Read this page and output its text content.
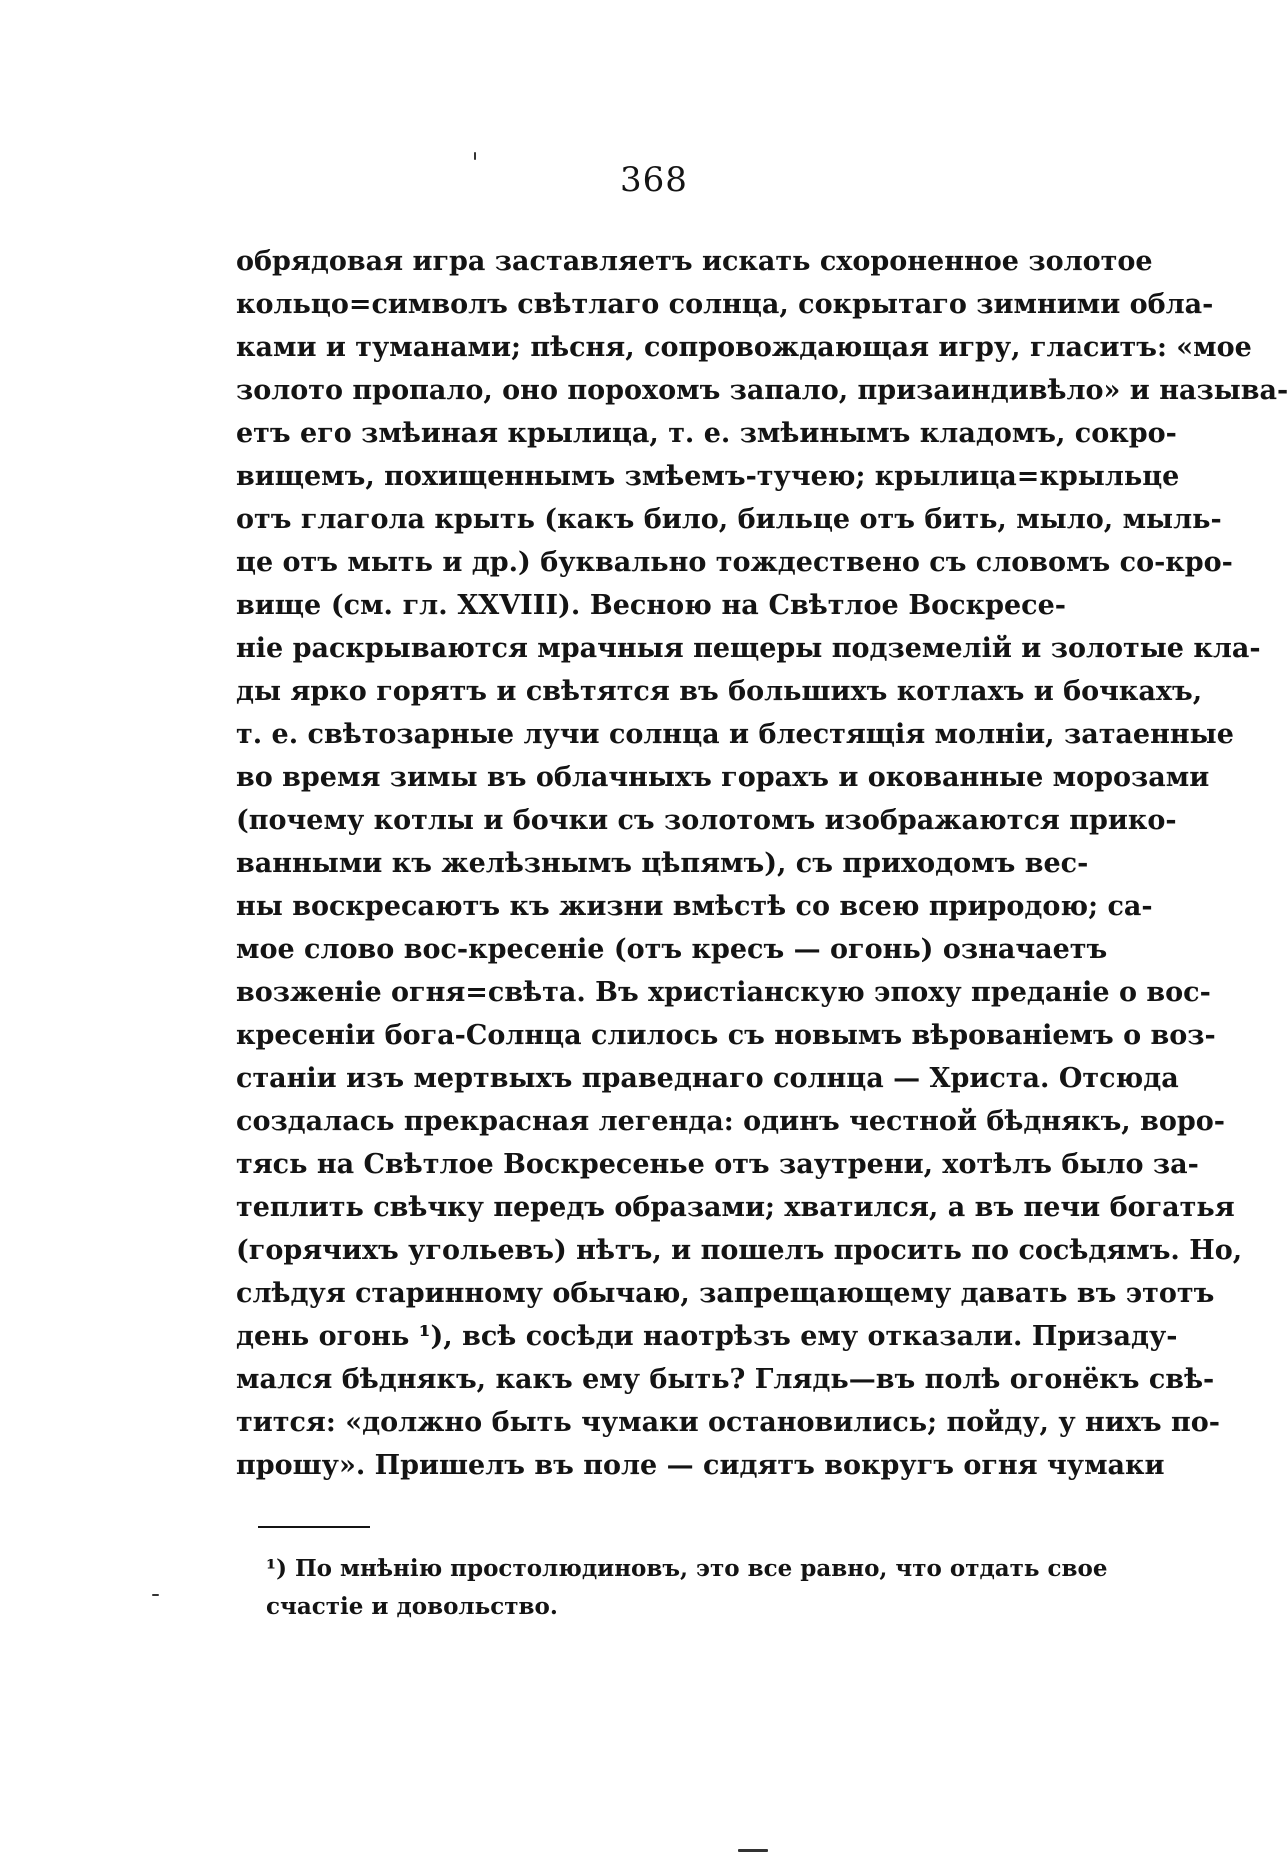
368
обрядовая игра заставляетъ искать схороненное золотое
кольцо=символъ свѣтлаго солнца, сокрытаго зимними обла-
ками и туманами; пѣсня, сопровождающая игру, гласитъ: «мое
золото пропало, оно порохомъ запало, призаиндивѣло» и называ-
етъ его змѣиная крылица, т. е. змѣинымъ кладомъ, сокро-
вищемъ, похищеннымъ змѣемъ-тучею; крылица=крыльце
отъ глагола крыть (какъ било, бильце отъ бить, мыло, мыль-
це отъ мыть и др.) буквально тождествено съ словомъ со-кро-
вище (см. гл. XXVIII). Весною на Свѣтлое Воскресе-
ніе раскрываются мрачныя пещеры подземелій и золотые кла-
ды ярко горятъ и свѣтятся въ большихъ котлахъ и бочкахъ,
т. е. свѣтозарные лучи солнца и блестящія молніи, затаенные
во время зимы въ облачныхъ горахъ и окованные морозами
(почему котлы и бочки съ золотомъ изображаются прико-
ванными къ желѣзнымъ цѣпямъ), съ приходомъ вес-
ны воскресаютъ къ жизни вмѣстѣ со всею природою; са-
мое слово вос-кресеніе (отъ кресъ — огонь) означаетъ
возженіе огня=свѣта. Въ христіанскую эпоху преданіе о вос-
кресеніи бога-Солнца слилось съ новымъ вѣрованіемъ о воз-
станіи изъ мертвыхъ праведнаго солнца — Христа. Отсюда
создалась прекрасная легенда: одинъ честной бѣднякъ, воро-
тясь на Свѣтлое Воскресенье отъ заутрени, хотѣлъ было за-
теплить свѣчку передъ образами; хватился, а въ печи богатья
(горячихъ угольевъ) нѣтъ, и пошелъ просить по сосѣдямъ. Но,
слѣдуя старинному обычаю, запрещающему давать въ этотъ
день огонь ¹), всѣ сосѣди наотрѣзъ ему отказали. Призаду-
мался бѣднякъ, какъ ему быть? Глядь—въ полѣ огонёкъ свѣ-
тится: «должно быть чумаки остановились; пойду, у нихъ по-
прошу». Пришелъ въ поле — сидятъ вокругъ огня чумаки
¹) По мнѣнію простолюдиновъ, это все равно, что отдать свое
счастіе и довольство.
